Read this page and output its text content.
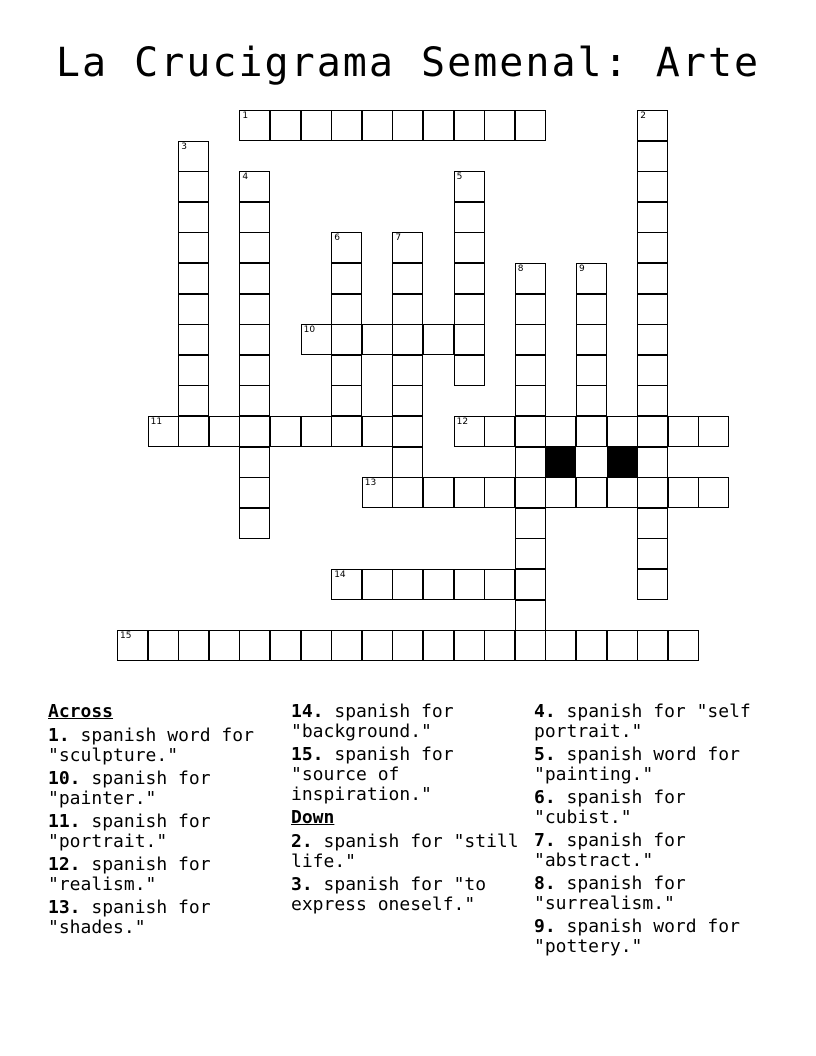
La Crucigrama Semenal: Arte
1	2
3
4	5
6	7
8	9
10
11	12
13
14
15
Across
1. spanish word for "sculpture."
10. spanish for "painter."
11. spanish for "portrait."
12. spanish for "realism."
13. spanish for "shades."
14. spanish for "background."
15. spanish for "source of inspiration."
Down
2. spanish for "still life."
3. spanish for "to express oneself."
4. spanish for "self portrait."
5. spanish word for "painting."
6. spanish for "cubist."
7. spanish for "abstract."
8. spanish for "surrealism."
9. spanish word for "pottery."
